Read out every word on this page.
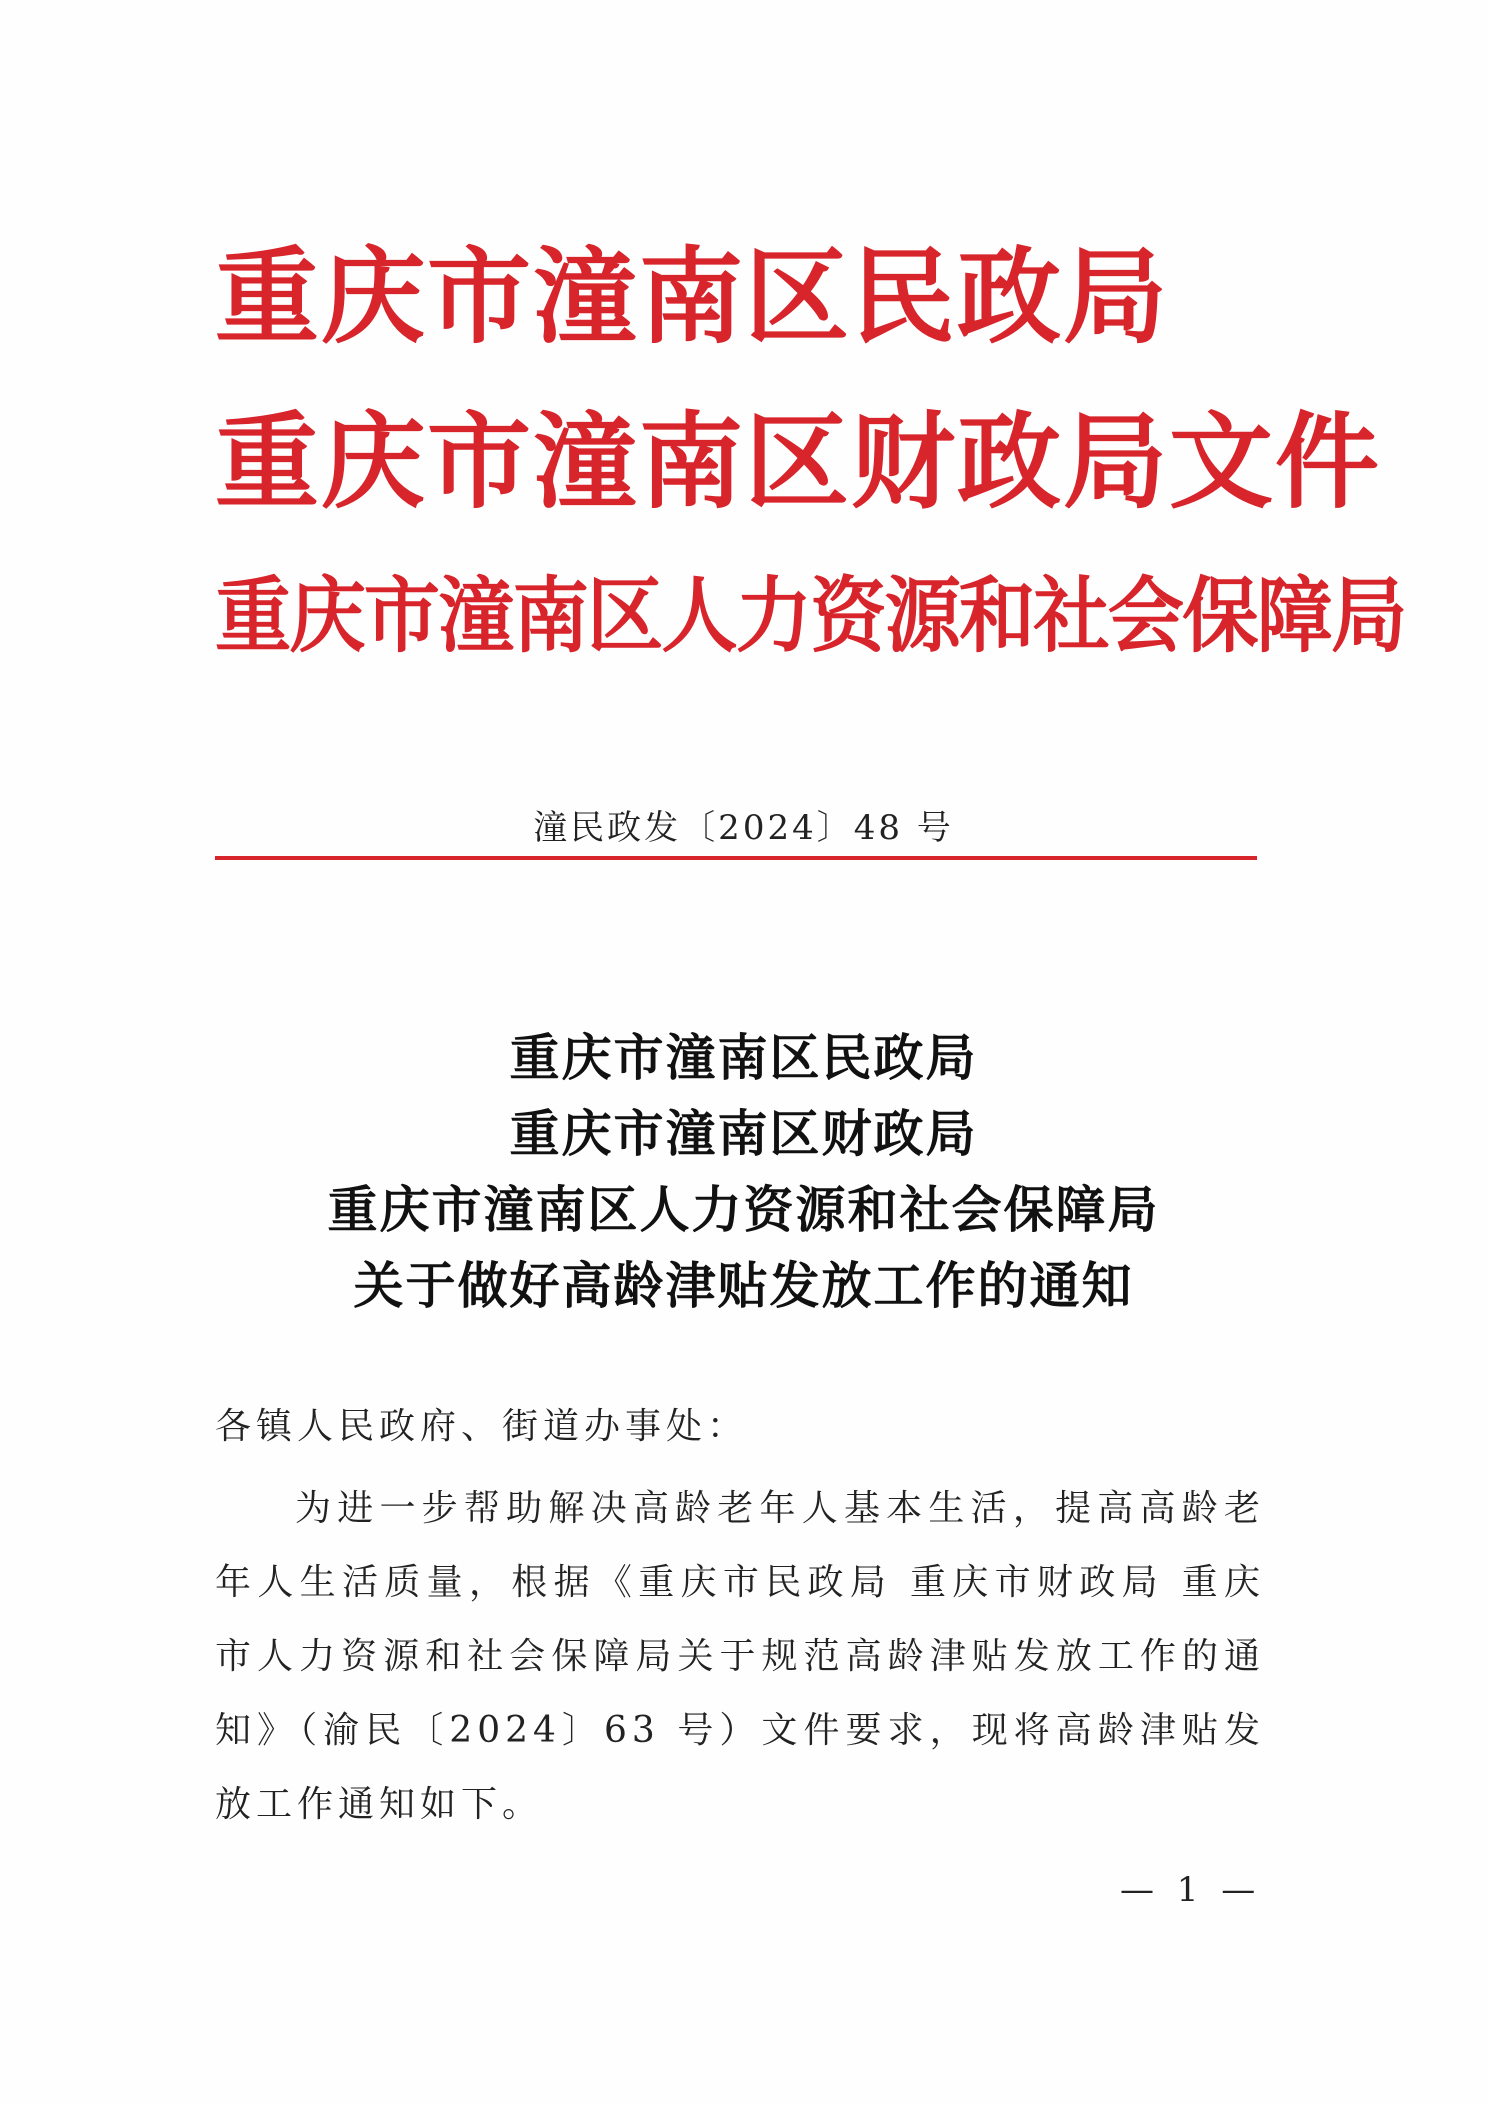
重庆市潼南区民政局
重庆市潼南区财政局文件
重庆市潼南区人力资源和社会保障局
潼民政发〔2024〕48 号
重庆市潼南区民政局
重庆市潼南区财政局
重庆市潼南区人力资源和社会保障局
关于做好高龄津贴发放工作的通知
各镇人民政府、街道办事处：
为进一步帮助解决高龄老年人基本生活，提高高龄老年人生活质量，根据《重庆市民政局 重庆市财政局 重庆市人力资源和社会保障局关于规范高龄津贴发放工作的通知》（渝民〔2024〕63 号）文件要求，现将高龄津贴发放工作通知如下。
— 1 —
